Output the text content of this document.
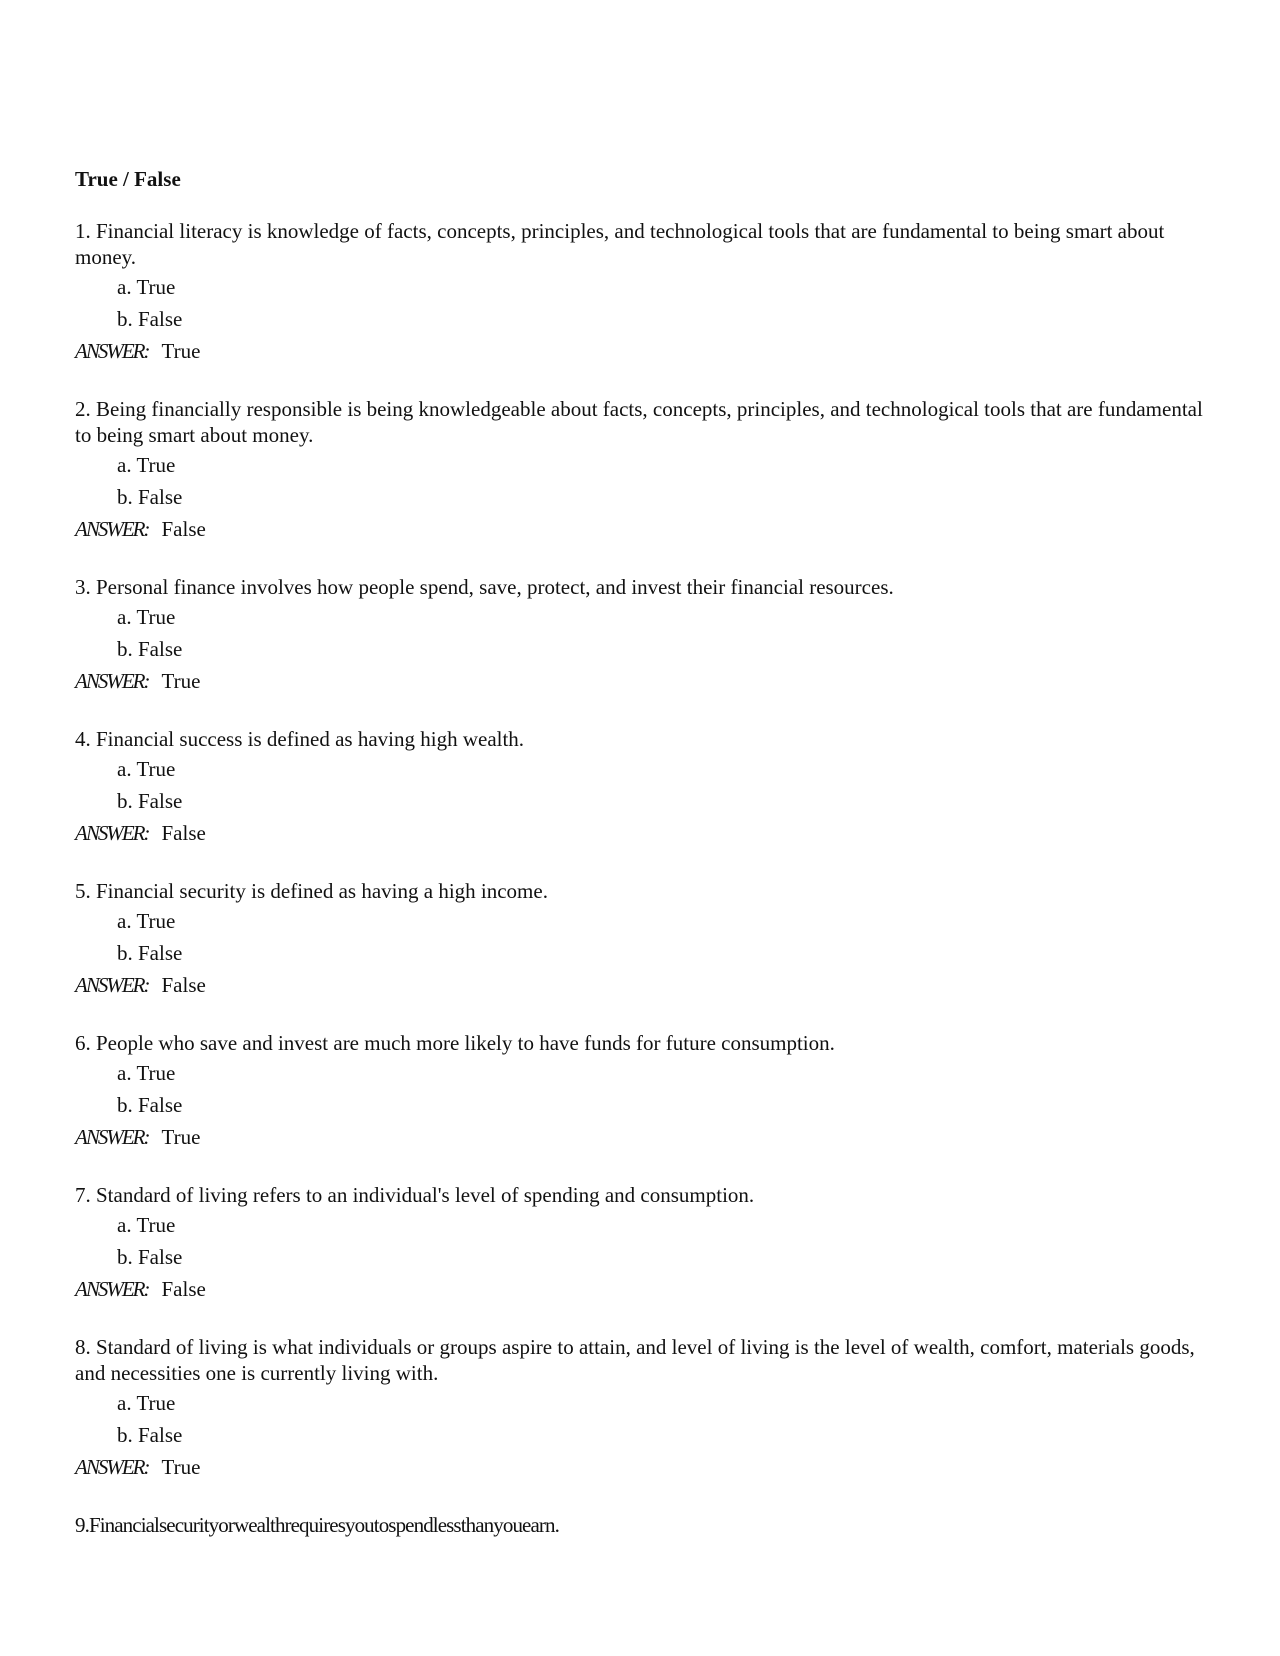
True / False

1 . Financial literacy is knowledge of facts, concepts, principles, and technological tools that are fundamental to being smart about money.

a. True

b. False

ANSWER : True

2 . Being financially responsible is being knowledgeable about facts, concepts, principles, and technological tools that are fundamental to being smart about money.

a. True

b. False

ANSWER : False

3 . Personal finance involves how people spend, save, protect, and invest their financial resources.

a. True

b. False

ANSWER : True

4 . Financial success is defined as having high wealth.

a. True

b. False

ANSWER : False

5 . Financial security is defined as having a high income.

a. True

b. False

ANSWER : False

6 . People who save and invest are much more likely to have funds for future consumption.

a. True

b. False

ANSWER : True

7 . Standard of living refers to an individual's level of spending and consumption.

a. True

b. False

ANSWER : False

8 . Standard of living is what individuals or groups aspire to attain, and level of living is the level of wealth, comfort, materials goods, and necessities one is currently living with.

a. True

b. False

ANSWER : True

9.Financialsecurityorwealthrequiresyoutospendlessthanyouearn.
